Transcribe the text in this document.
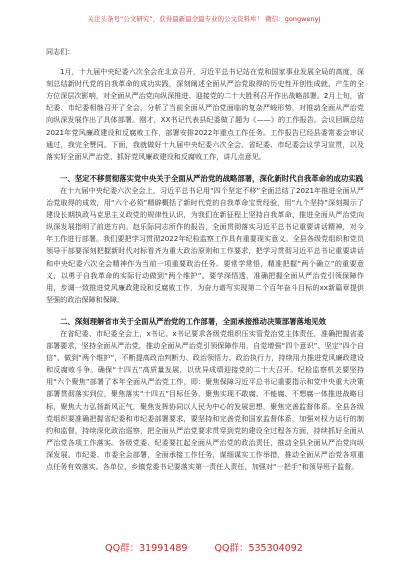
关注头条号“公文研究”，获得最新最全最专业的公文资料库！ 微信：gongwenyj

同志们：

1月，十九届中央纪委六次全会在北京召开，习近平总书记站在党和国家事业发展全局的高度，深刻总结新时代党的自我革命的成功实践，深刻阐述全面从严治党取得的历史性开创性成就、产生的全方位深层次影响，对全面从严治党向纵深推进、迎接党的二十大胜利召开作出战略部署。2月上旬，省纪委、市纪委相继召开了全会，分析了当前全面从严治党面临的复杂严峻形势，对推动全面从严治党向纵深发展作出了具体部署。刚才，XX书记代表县纪委做了题为《——》的工作报告。会议回顾总结2021年党风廉政建设和反腐败工作，部署安排2022年重点工作任务。工作报告已经县委常委会审议通过，我完全赞同。下面，我就做好十九届中央纪委六次全会、省纪委、市纪委会议学习宣贯，以及落实好全面从严治党、抓好党风廉政建设和反腐败工作，讲几点意见。

一、坚定不移贯彻落实党中央关于全面从严治党的战略部署，深化新时代自我革命的成功实践

在十九届中央纪委六次全会上，习近平总书记用“四个坚定不移”全面总结了2021年推进全面从严治党取得的成效，用“六个必须”精辟概括了新时代党的自我革命宝贵经验，用“九个坚持”深刻揭示了建设长期执政马克思主义政党的规律性认识，为我们在新征程上坚持自我革命、推进全面从严治党向纵深发展指明了前进方向。赵乐际同志所作的报告，全面贯彻落实习近平总书记重要讲话精神，对今年工作进行部署。我们要把学习贯彻2022年纪检监察工作具有重要现实意义。全县各级党组织和党员领导干部要深刻把握新时代对标看齐为重大政治原则和工作要求，把学习贯彻习近平总书记重要讲话和中央纪委六次全会精神作为当前一项重要政治任务。要常学常悟，精准把握“两个确立”的重要意义，以勇于自我革命的实际行动做到“两个维护”。要学深悟透，准确把握全面从严治党引领保障作用，步调一致推进党风廉政建设和反腐败工作，为奋力谱写实现第二个百年奋斗目标的xx新篇章提供坚强的政治保障和保障。

二、深刻理解省市关于全面从严治党的工作部署，全面承接推动决策部署落地见效

在省纪委、市纪委全会上，x书记、x书记要求各级党组织压实管党治党主体责任，准确把握省委部署要求，坚持全面从严治党，推动全面从严治党引领保障作用，自觉增强“四个意识”、坚定“四个自信”、做到“两个维护”，不断提高政治判断力、政治领悟力、政治执行力，持续用力推进党风廉政建设和反腐败斗争。确保“十四五”高质量发展，以优异成绩迎接党的二十大召开。纪检监察机关要坚持用“六个聚焦”部署了本年全面从严治党工作，即：聚焦保障习近平总书记重要指示和党中央重大决策部署贯彻落实到位，聚焦落实“十四五”目标任务，聚焦实现不敢腐、不能腐、不想腐一体推进战略目标，聚焦大力弘扬新风正气，聚焦发挥协同以人民为中心的发展思想，聚焦完善监督体系。全县各级党组织要准确把握省纪委和市纪委部署要求，要坚持和完善党和国家监督体系，加强对权力运行的制约和监督，持续深化政治巡察，把全面从严治党要求贯穿到党的建设全过程各方面，持续抓好全面从严治党各项工作落实。各级党委、纪委要扛起全面从严治党的政治责任，推动全县全面从严治党向纵深发展。市纪委、市委全会部署，全面承接工作任务，谋细谋实工作举措，推动全面从严治党各项重点任务有效落实。各单位、乡镇党委书记要落实第一责任人责任，加强对“一把手”和领导班子监督。

QQ群：31991489	QQ群：535304092
